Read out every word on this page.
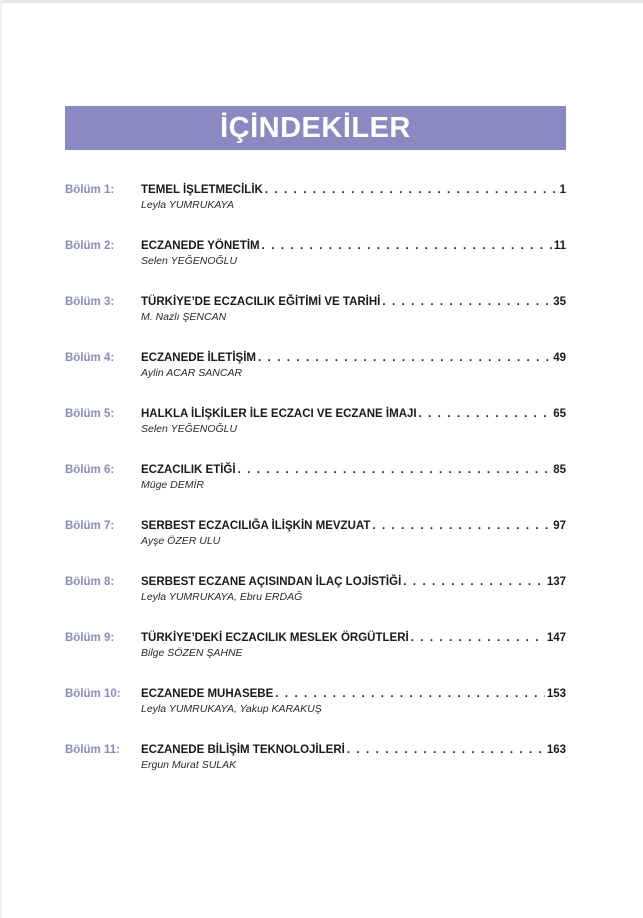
İÇİNDEKİLER
Bölüm 1:	TEMEL İŞLETMECİLİK . . .	1
Leyla YUMRUKAYA
Bölüm 2:	ECZANEDE YÖNETİM . . .	11
Selen YEĞENOĞLU
Bölüm 3:	TÜRKİYE’DE ECZACILIK EĞİTİMİ VE TARİHİ . . .	35
M. Nazlı ŞENCAN
Bölüm 4:	ECZANEDE İLETİŞİM . . .	49
Aylin ACAR SANCAR
Bölüm 5:	HALKLA İLİŞKİLER İLE ECZACI VE ECZANE İMAJI . . .	65
Selen YEĞENOĞLU
Bölüm 6:	ECZACILIK ETİĞİ . . .	85
Müge DEMİR
Bölüm 7:	SERBEST ECZACILIĞA İLİŞKİN MEVZUAT . . .	97
Ayşe ÖZER ULU
Bölüm 8:	SERBEST ECZANE AÇISINDAN İLAÇ LOJİSTİĞİ . . .	137
Leyla YUMRUKAYA, Ebru ERDAĞ
Bölüm 9:	TÜRKİYE’DEKİ ECZACILIK MESLEK ÖRGÜTLERİ . . .	147
Bilge SÖZEN ŞAHNE
Bölüm 10:	ECZANEDE MUHASEBE . . .	153
Leyla YUMRUKAYA, Yakup KARAKUŞ
Bölüm 11:	ECZANEDE BİLİŞİM TEKNOLOJİLERİ . . .	163
Ergun Murat SULAK
